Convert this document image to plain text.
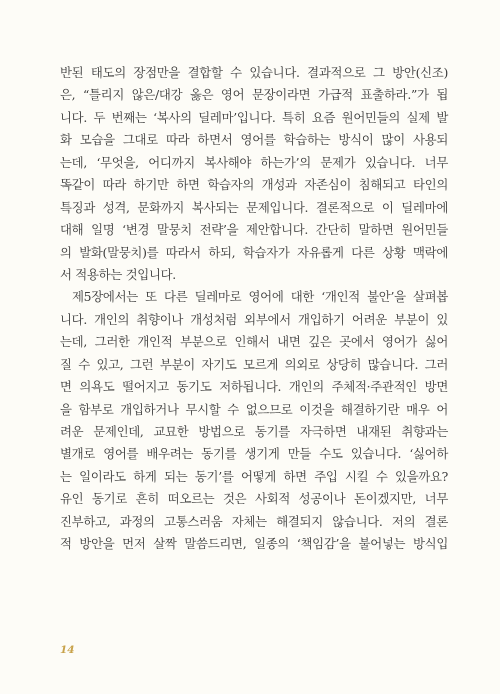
반된 태도의 장점만을 결합할 수 있습니다. 결과적으로 그 방안(신조)
은, “틀리지 않은/대강 옳은 영어 문장이라면 가급적 표출하라.”가 됩
니다. 두 번째는 ‘복사의 딜레마’입니다. 특히 요즘 원어민들의 실제 발
화 모습을 그대로 따라 하면서 영어를 학습하는 방식이 많이 사용되
는데, ‘무엇을, 어디까지 복사해야 하는가’의 문제가 있습니다. 너무
똑같이 따라 하기만 하면 학습자의 개성과 자존심이 침해되고 타인의
특징과 성격, 문화까지 복사되는 문제입니다. 결론적으로 이 딜레마에
대해 일명 ‘변경 말뭉치 전략’을 제안합니다. 간단히 말하면 원어민들
의 발화(말뭉치)를 따라서 하되, 학습자가 자유롭게 다른 상황 맥락에
서 적용하는 것입니다.
제5장에서는 또 다른 딜레마로 영어에 대한 ‘개인적 불안’을 살펴봅
니다. 개인의 취향이나 개성처럼 외부에서 개입하기 어려운 부분이 있
는데, 그러한 개인적 부분으로 인해서 내면 깊은 곳에서 영어가 싫어
질 수 있고, 그런 부분이 자기도 모르게 의외로 상당히 많습니다. 그러
면 의욕도 떨어지고 동기도 저하됩니다. 개인의 주체적·주관적인 방면
을 함부로 개입하거나 무시할 수 없으므로 이것을 해결하기란 매우 어
려운 문제인데, 교묘한 방법으로 동기를 자극하면 내재된 취향과는
별개로 영어를 배우려는 동기를 생기게 만들 수도 있습니다. ‘싫어하
는 일이라도 하게 되는 동기’를 어떻게 하면 주입 시킬 수 있을까요?
유인 동기로 흔히 떠오르는 것은 사회적 성공이나 돈이겠지만, 너무
진부하고, 과정의 고통스러움 자체는 해결되지 않습니다. 저의 결론
적 방안을 먼저 살짝 말씀드리면, 일종의 ‘책임감’을 불어넣는 방식입
14
